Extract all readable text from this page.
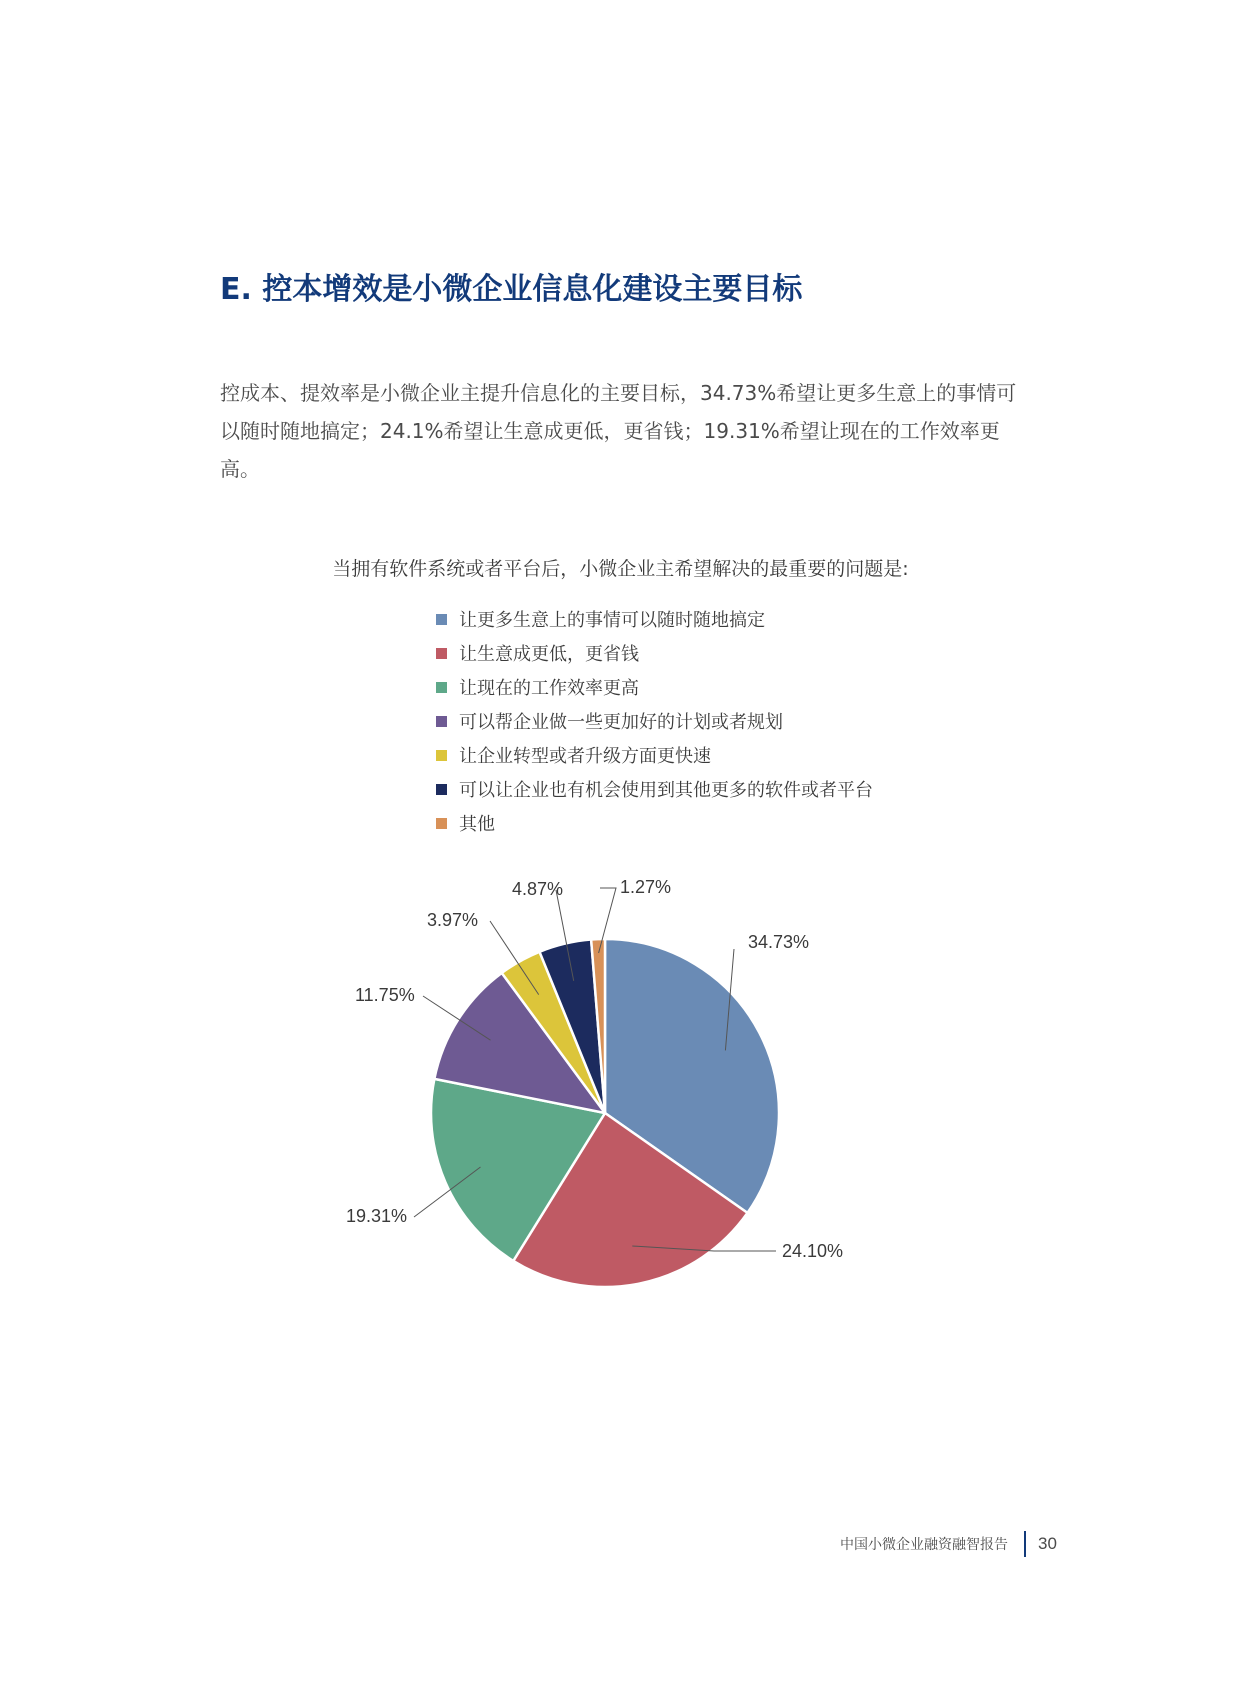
E. 控本增效是小微企业信息化建设主要目标

控成本、提效率是小微企业主提升信息化的主要目标，34.73%希望让更多生意上的事情可以随时随地搞定；24.1%希望让生意成更低，更省钱；19.31%希望让现在的工作效率更高。

当拥有软件系统或者平台后，小微企业主希望解决的最重要的问题是:

让更多生意上的事情可以随时随地搞定
让生意成更低，更省钱
让现在的工作效率更高
可以帮企业做一些更加好的计划或者规划
让企业转型或者升级方面更快速
可以让企业也有机会使用到其他更多的软件或者平台
其他
34.73%
24.10%
19.31%
11.75%
3.97%
4.87%	1.27%
中国小微企业融资融智报告 30
